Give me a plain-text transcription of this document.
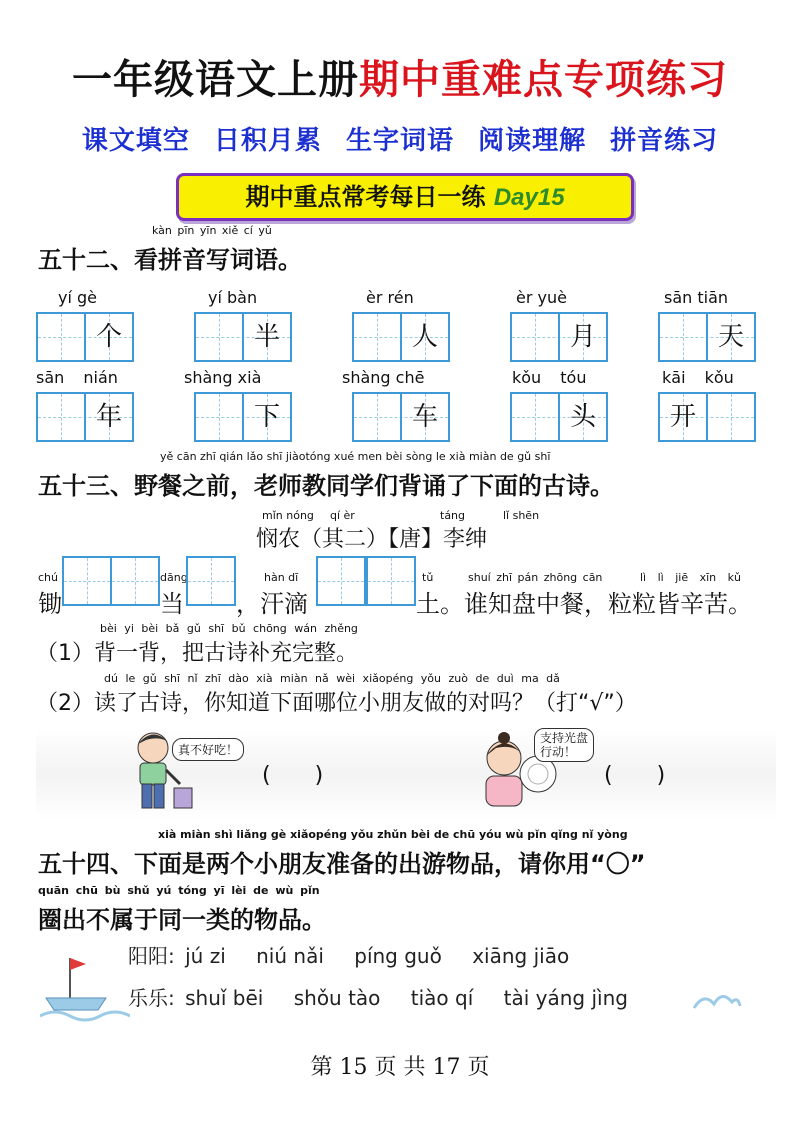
一年级语文上册期中重难点专项练习
课文填空 日积月累 生字词语 阅读理解 拼音练习
期中重点常考每日一练 Day15
kàn pīn yīn xiě cí yǔ
五十二、看拼音写词语。
yí gè	yí bàn	èr rén	èr yuè	sān tiān
个	半	人	月	天
sān nián	shàng xià	shàng chē	kǒu tóu	kāi kǒu
年	下	车	头	开
yě cān zhī qián lǎo shī jiàotóng xué men bèi sòng le xià miàn de gǔ shī
五十三、野餐之前，老师教同学们背诵了下面的古诗。
mǐn nóng qí èr	táng	lǐ shēn
悯农（其二）【唐】李绅
chú	dāng	hàn dī	tǔ	shuí zhī pán zhōng cān	lì lì jiē xīn kǔ
锄	当 ，汗滴	土。谁知盘中餐，粒粒皆辛苦。
bèi yi bèi bǎ gǔ shī bǔ chōng wán zhěng
（1）背一背，把古诗补充完整。
dú le gǔ shī nǐ zhī dào xià miàn nǎ wèi xiǎopéng yǒu zuò de duì ma dǎ
（2）读了古诗，你知道下面哪位小朋友做的对吗？（打“√”）
真不好吃！
(　　)
支持光盘行动！
(　　)
xià miàn shì liǎng gè xiǎopéng yǒu zhǔn bèi de chū yóu wù pǐn qǐng nǐ yòng
五十四、下面是两个小朋友准备的出游物品，请你用“〇”
quān chū bù shǔ yú tóng yī lèi de wù pǐn
圈出不属于同一类的物品。
阳阳: jú zi niú nǎi píng guǒ xiāng jiāo
乐乐: shuǐ bēi shǒu tào tiào qí tài yáng jìng
第 15 页 共 17 页
